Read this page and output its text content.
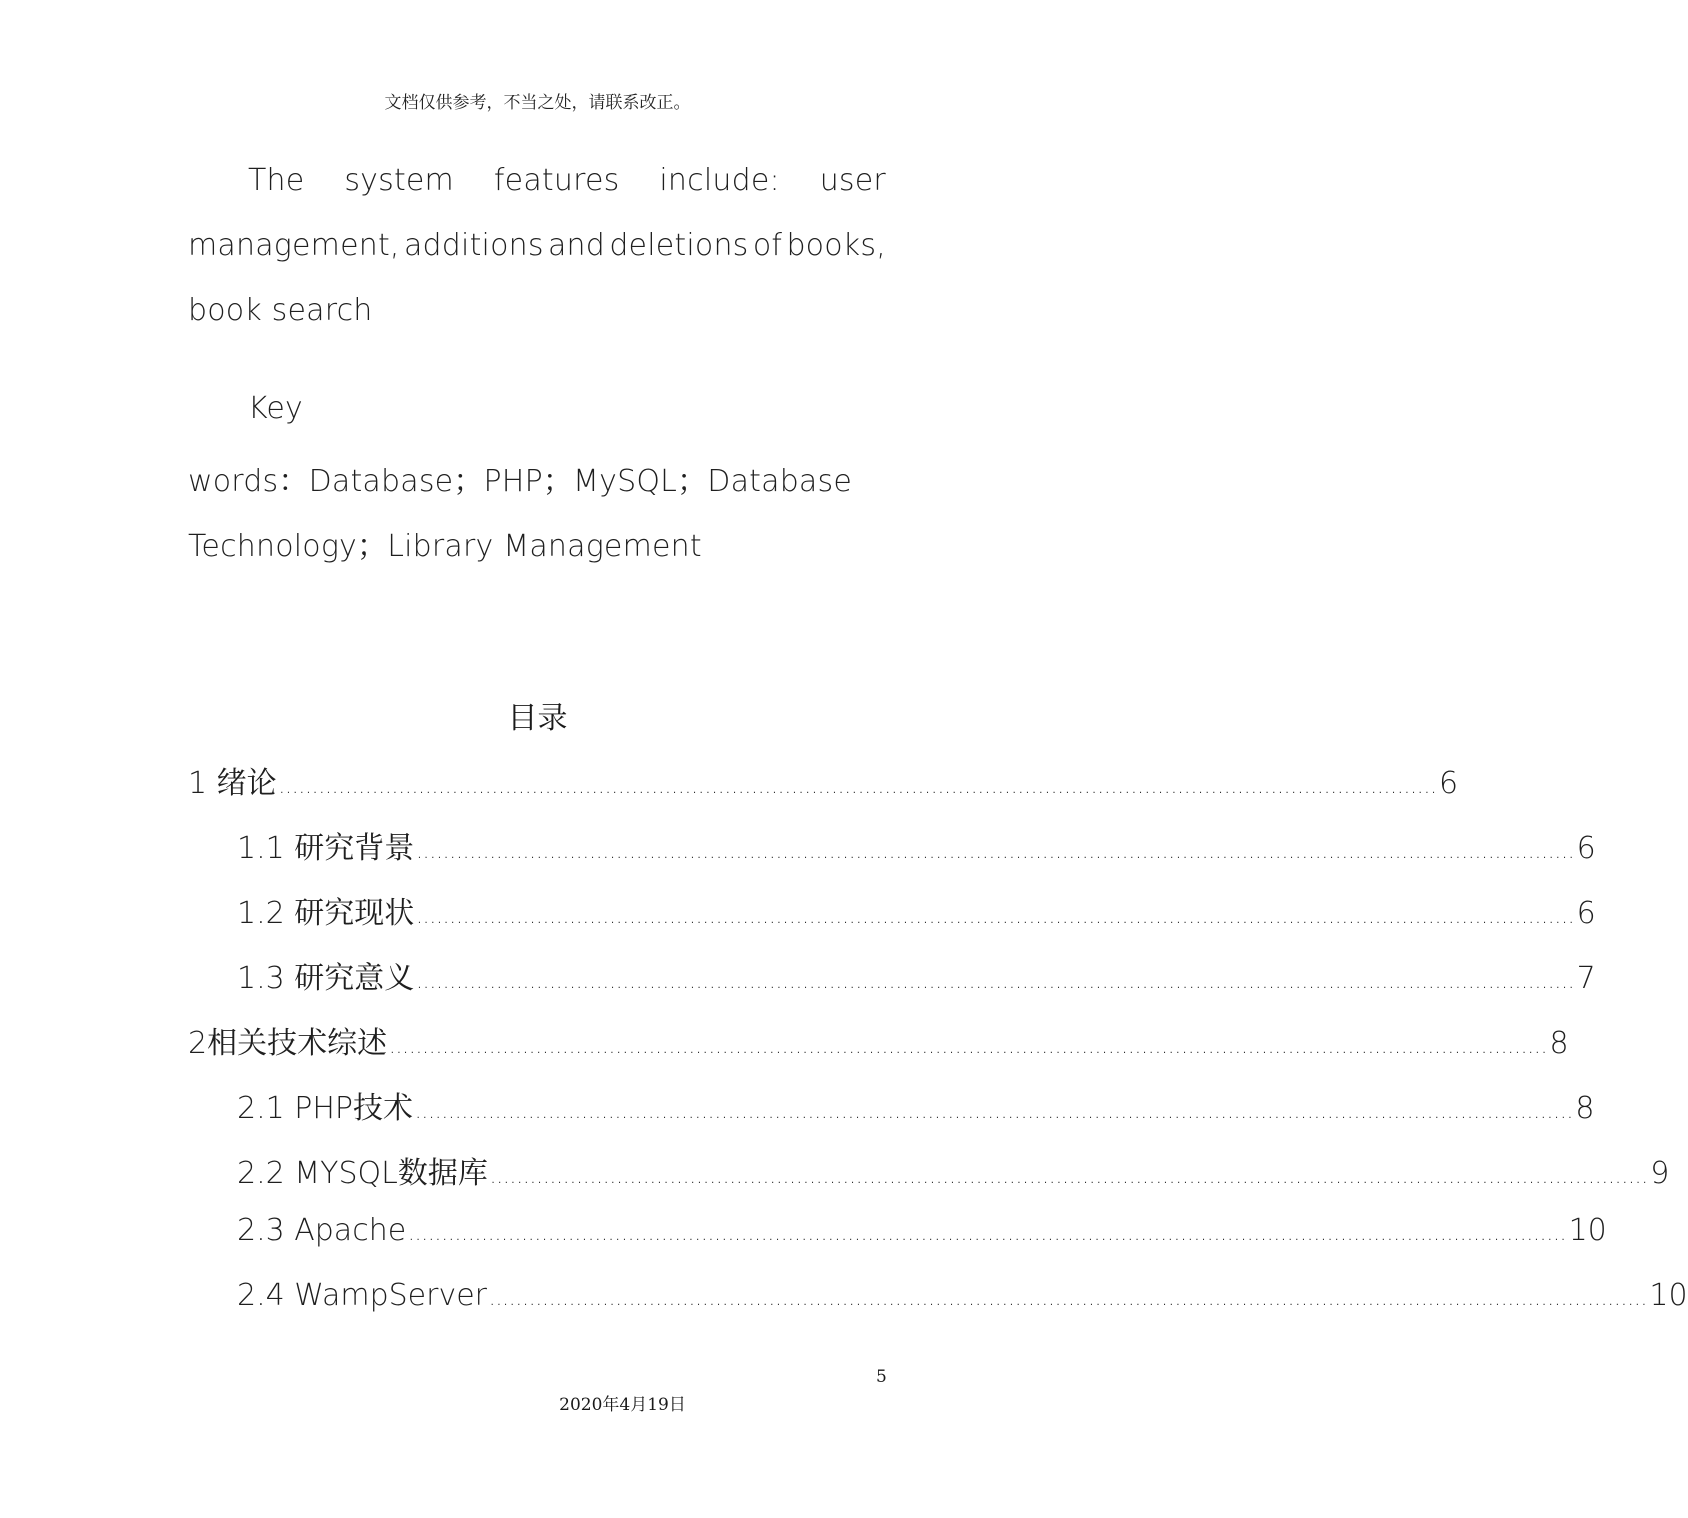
文档仅供参考，不当之处，请联系改正。
The system features include: user
management, additions and deletions of books,
book search
Key
words：Database；PHP；MySQL；Database
Technology；Library Management
目录
1 绪论 .............................................................................................................................................................................. 6
1.1 研究背景 .............................................................................................................................................................................. 6
1.2 研究现状 .............................................................................................................................................................................. 6
1.3 研究意义 .............................................................................................................................................................................. 7
2相关技术综述 .............................................................................................................................................................................. 8
2.1 PHP技术 .............................................................................................................................................................................. 8
2.2 MYSQL数据库 .............................................................................................................................................................................. 9
2.3 Apache .............................................................................................................................................................................. 10
2.4 WampServer .............................................................................................................................................................................. 10
5
2020年4月19日
